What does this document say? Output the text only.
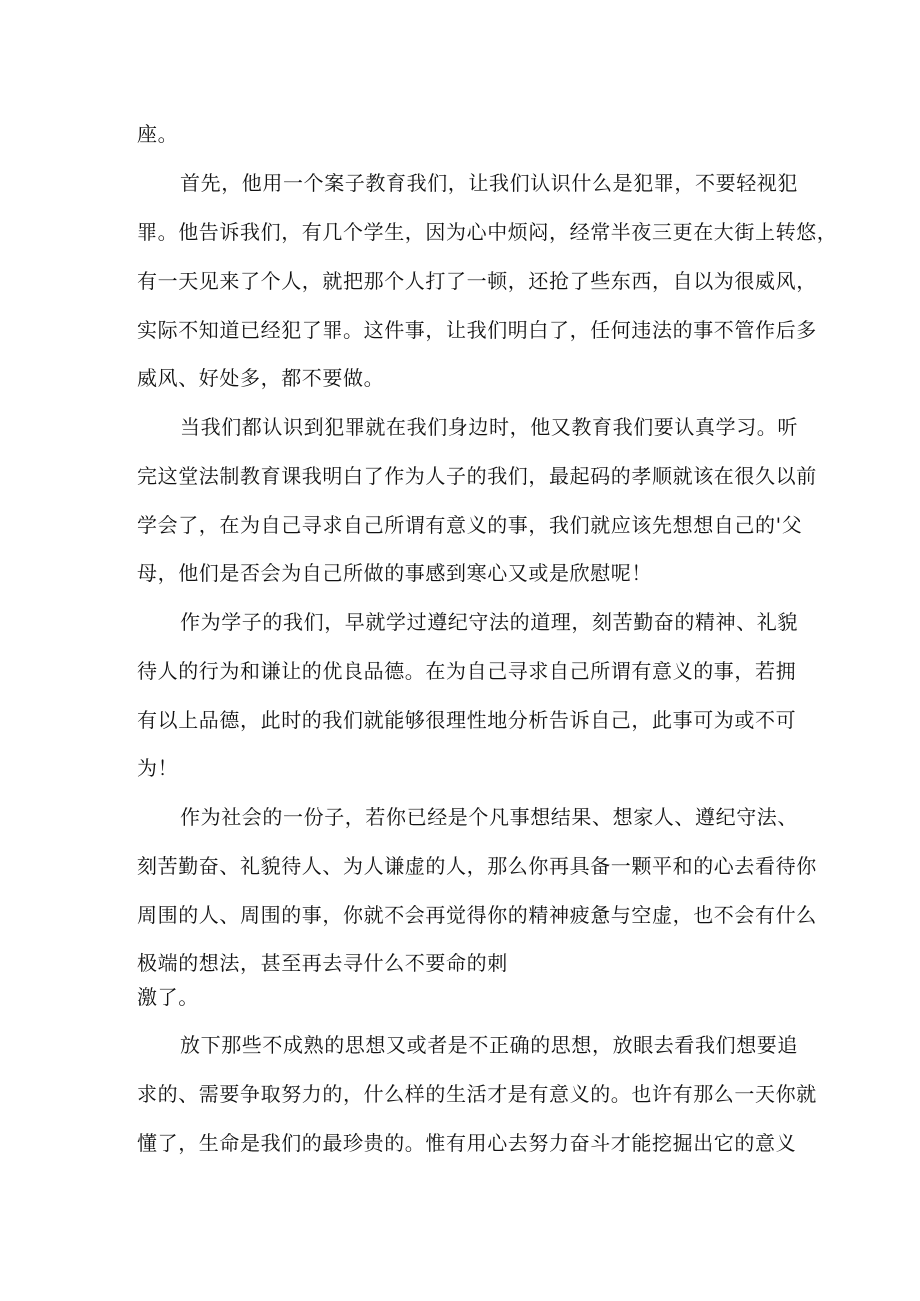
座。
首先，他用一个案子教育我们，让我们认识什么是犯罪，不要轻视犯
罪。他告诉我们，有几个学生，因为心中烦闷，经常半夜三更在大街上转悠，
有一天见来了个人，就把那个人打了一顿，还抢了些东西，自以为很威风，
实际不知道已经犯了罪。这件事，让我们明白了，任何违法的事不管作后多
威风、好处多，都不要做。
当我们都认识到犯罪就在我们身边时，他又教育我们要认真学习。听
完这堂法制教育课我明白了作为人子的我们，最起码的孝顺就该在很久以前
学会了，在为自己寻求自己所谓有意义的事，我们就应该先想想自己的'父
母，他们是否会为自己所做的事感到寒心又或是欣慰呢！
作为学子的我们，早就学过遵纪守法的道理，刻苦勤奋的精神、礼貌
待人的行为和谦让的优良品德。在为自己寻求自己所谓有意义的事，若拥
有以上品德，此时的我们就能够很理性地分析告诉自己，此事可为或不可
为！
作为社会的一份子，若你已经是个凡事想结果、想家人、遵纪守法、
刻苦勤奋、礼貌待人、为人谦虚的人，那么你再具备一颗平和的心去看待你
周围的人、周围的事，你就不会再觉得你的精神疲惫与空虚，也不会有什么
极端的想法，甚至再去寻什么不要命的刺
激了。
放下那些不成熟的思想又或者是不正确的思想，放眼去看我们想要追
求的、需要争取努力的，什么样的生活才是有意义的。也许有那么一天你就
懂了，生命是我们的最珍贵的。惟有用心去努力奋斗才能挖掘出它的意义
